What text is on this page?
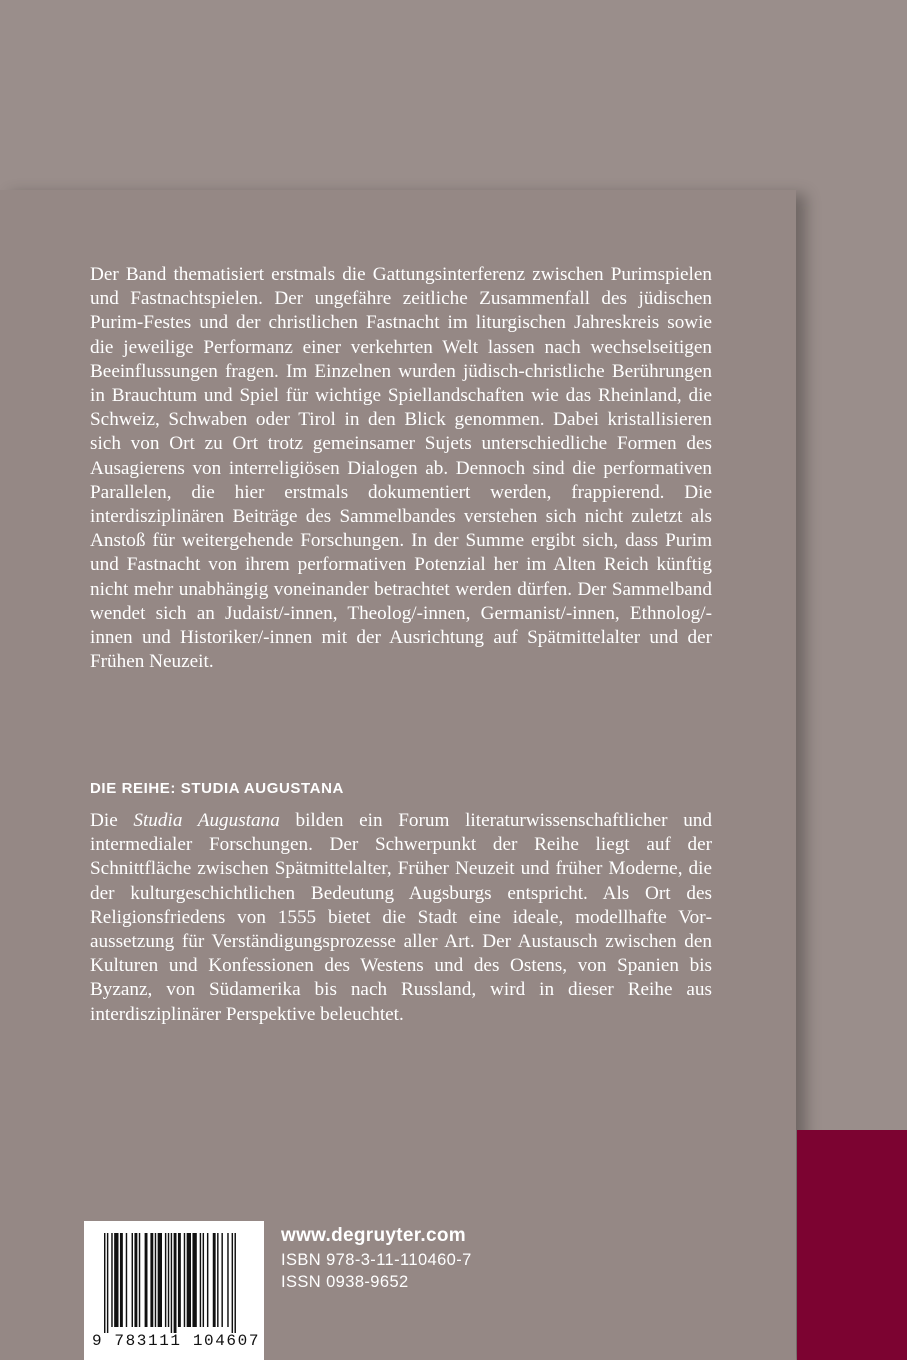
Der Band thematisiert erstmals die Gattungsinterferenz zwischen Purimspielen und Fastnachtspielen. Der ungefähre zeitliche Zusammenfall des jüdischen Purim-Festes und der christlichen Fastnacht im liturgischen Jahreskreis sowie die jeweilige Performanz einer verkehrten Welt lassen nach wechselseitigen Beeinflussungen fragen. Im Einzelnen wurden jüdisch-christliche Berührungen in Brauchtum und Spiel für wichtige Spiellandschaften wie das Rheinland, die Schweiz, Schwaben oder Tirol in den Blick genommen. Dabei kristallisieren sich von Ort zu Ort trotz gemeinsamer Sujets unterschiedliche Formen des Ausagierens von interreligiösen Dialogen ab. Dennoch sind die performativen Parallelen, die hier erstmals dokumentiert werden, frappierend. Die interdisziplinären Beiträge des Sammelbandes verstehen sich nicht zuletzt als Anstoß für weitergehende Forschungen. In der Summe ergibt sich, dass Purim und Fastnacht von ihrem performativen Potenzial her im Alten Reich künftig nicht mehr unabhängig voneinander betrachtet werden dürfen. Der Sammelband wendet sich an Judaist/-innen, Theolog/-innen, Germanist/-innen, Ethnolog/-innen und Historiker/-innen mit der Ausrichtung auf Spätmittelalter und der Frühen Neuzeit.

DIE REIHE: STUDIA AUGUSTANA

Die Studia Augustana bilden ein Forum literaturwissenschaftlicher und intermedialer Forschungen. Der Schwerpunkt der Reihe liegt auf der Schnittfläche zwischen Spätmittelalter, Früher Neuzeit und früher Moderne, die der kulturgeschichtlichen Bedeutung Augsburgs entspricht. Als Ort des Religionsfriedens von 1555 bietet die Stadt eine ideale, modellhafte Voraussetzung für Verständigungsprozesse aller Art. Der Austausch zwischen den Kulturen und Konfessionen des Westens und des Ostens, von Spanien bis Byzanz, von Südamerika bis nach Russland, wird in dieser Reihe aus interdisziplinärer Perspektive beleuchtet.

9 783111 104607
www.degruyter.com
ISBN 978-3-11-110460-7
ISSN 0938-9652
